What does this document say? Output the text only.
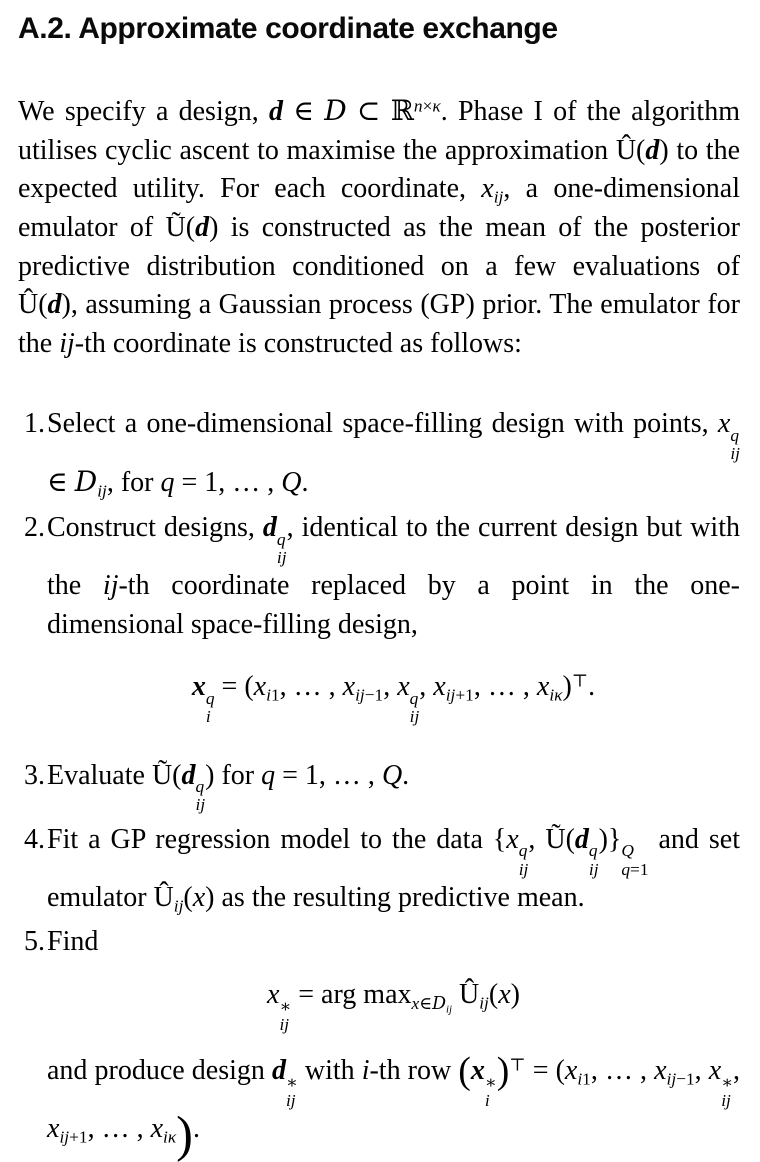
A.2. Approximate coordinate exchange

We specify a design, d ∈ D ⊂ ℝ$^{n\times\kappa}$. Phase I of the algorithm utilises cyclic ascent to maximise the approximation Û(d) to the expected utility. For each coordinate, $x_{ij}$, a one-dimensional emulator of Ũ(d) is constructed as the mean of the posterior predictive distribution conditioned on a few evaluations of Û(d), assuming a Gaussian process (GP) prior. The emulator for the ij-th coordinate is constructed as follows:

1. Select a one-dimensional space-filling design with points, x q
ij
∈ $D_{ij}$, for q = 1, … , Q.
2. Construct designs, d q
ij
, identical to the current design but with the ij-th coordinate replaced by a point in the one-dimensional space-filling design,
x q
i
= ($x_{i1}$, … , $x_{ij-1}$, x q
ij
, $x_{ij+1}$, … , $x_{i\kappa})^⊤$.
3. Evaluate Ũ(d q
ij
) for q = 1, … , Q.
4. Fit a GP regression model to the data {x q
ij
, Ũ(d q
ij
)} Q
q=1
and set emulator $Û_{ij}(x)$ as the resulting predictive mean.
5. Find
x ∗
ij
= arg $\max_{x\in D_{ij}}$ $Û_{ij}(x)$
and produce design d ∗
ij
with i-th row (x ∗
i
)$^⊤ = (x_{i1}$, … , $x_{ij-1}$, x ∗
ij
, $x_{ij+1}$, … , $x_{i\kappa}$).
